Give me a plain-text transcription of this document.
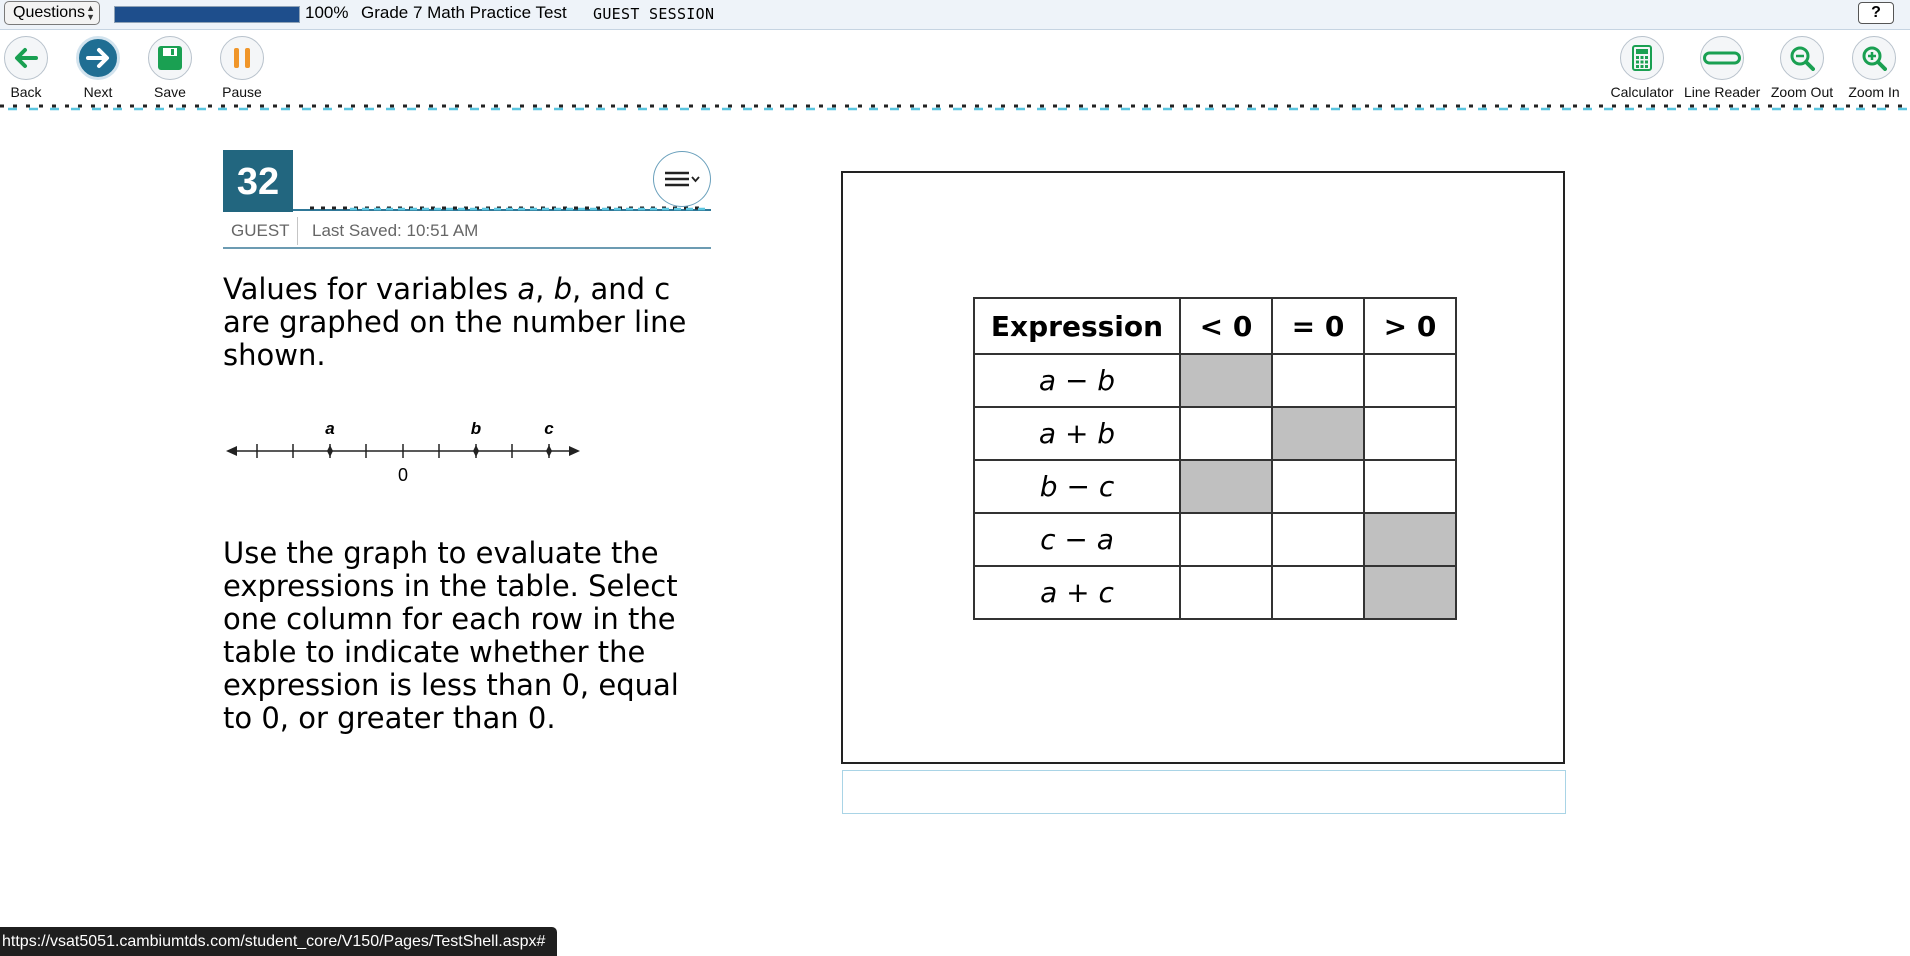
Questions ▲
▼	100% Grade 7 Math Practice Test GUEST SESSION	?
Back	Next	Save	Pause	Calculator Line Reader Zoom Out	Zoom In
32
GUEST Last Saved: 10:51 AM
Values for variables a, b, and c are graphed on the number line shown.
a	b	c
0
Use the graph to evaluate the expressions in the table. Select one column for each row in the table to indicate whether the expression is less than 0, equal to 0, or greater than 0.
Expression	< 0	= 0	> 0
a − b			
a + b			
b − c			
c − a			
a + c			
https://vsat5051.cambiumtds.com/student_core/V150/Pages/TestShell.aspx#
